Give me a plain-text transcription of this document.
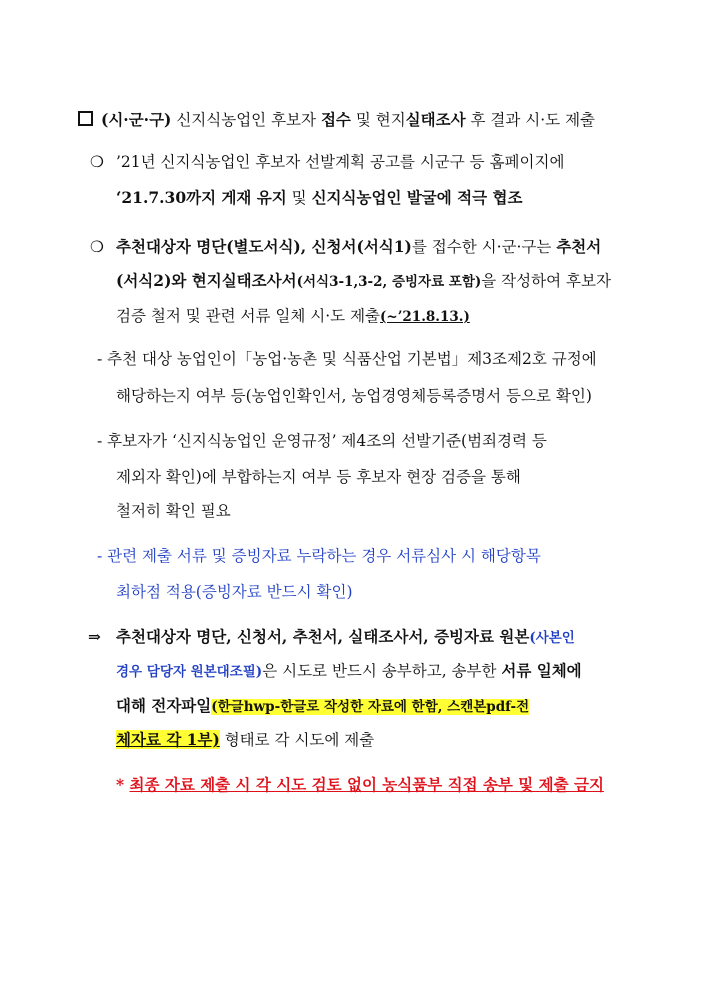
(시·군·구) 신지식농업인 후보자 접수 및 현지실태조사 후 결과 시·도 제출
❍ ’21년 신지식농업인 후보자 선발계획 공고를 시군구 등 홈페이지에
‘21.7.30까지 게재 유지 및 신지식농업인 발굴에 적극 협조
❍ 추천대상자 명단(별도서식), 신청서(서식1)를 접수한 시·군·구는 추천서
(서식2)와 현지실태조사서(서식3-1,3-2, 증빙자료 포함)을 작성하여 후보자
검증 철저 및 관련 서류 일체 시·도 제출(~’21.8.13.)
- 추천 대상 농업인이「농업·농촌 및 식품산업 기본법」제3조제2호 규정에
해당하는지 여부 등(농업인확인서, 농업경영체등록증명서 등으로 확인)
- 후보자가 ‘신지식농업인 운영규정’ 제4조의 선발기준(범죄경력 등
제외자 확인)에 부합하는지 여부 등 후보자 현장 검증을 통해
철저히 확인 필요
- 관련 제출 서류 및 증빙자료 누락하는 경우 서류심사 시 해당항목
최하점 적용(증빙자료 반드시 확인)
⇒ 추천대상자 명단, 신청서, 추천서, 실태조사서, 증빙자료 원본(사본인
경우 담당자 원본대조필)은 시도로 반드시 송부하고, 송부한 서류 일체에
대해 전자파일(한글hwp-한글로 작성한 자료에 한함, 스캔본pdf-전
체자료 각 1부) 형태로 각 시도에 제출
* 최종 자료 제출 시 각 시도 검토 없이 농식품부 직접 송부 및 제출 금지
